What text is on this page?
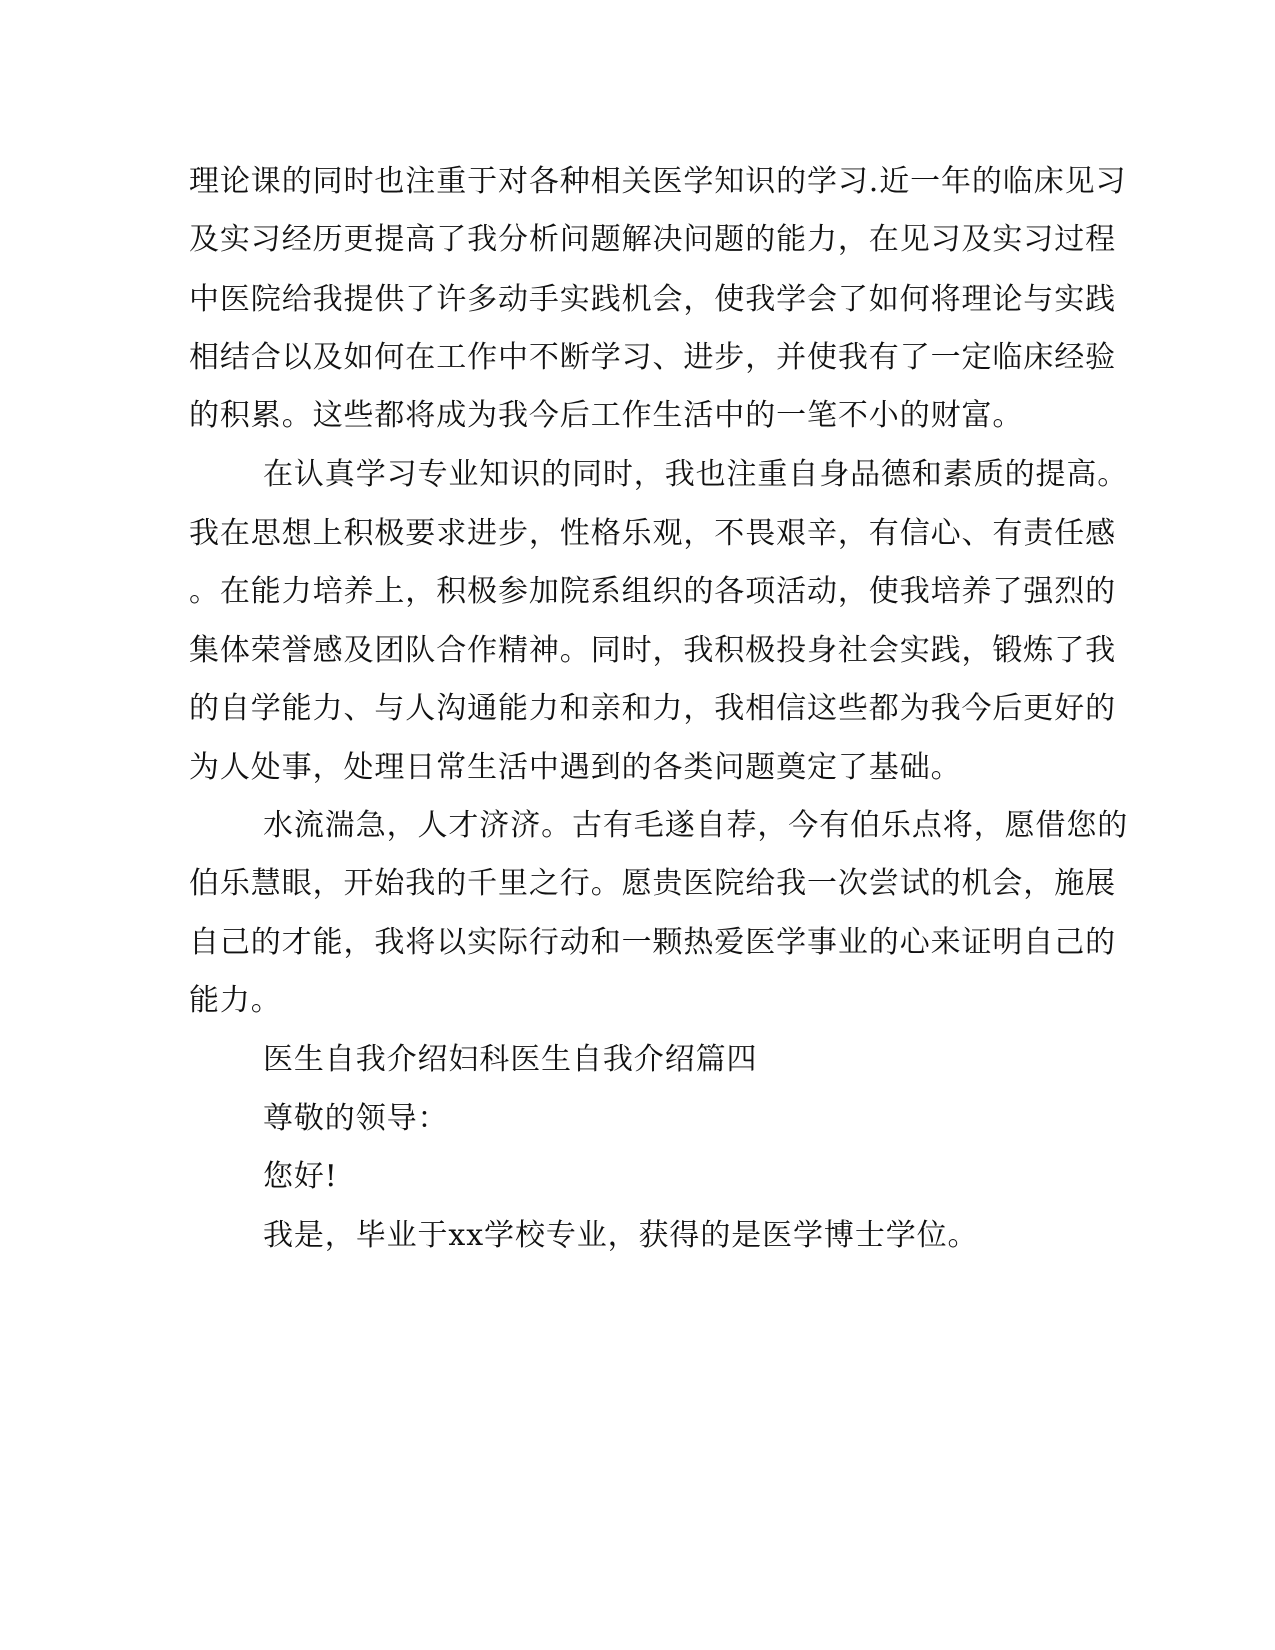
理论课的同时也注重于对各种相关医学知识的学习.近一年的临床见习

及实习经历更提高了我分析问题解决问题的能力，在见习及实习过程

中医院给我提供了许多动手实践机会，使我学会了如何将理论与实践

相结合以及如何在工作中不断学习、进步，并使我有了一定临床经验

的积累。这些都将成为我今后工作生活中的一笔不小的财富。

在认真学习专业知识的同时，我也注重自身品德和素质的提高。

我在思想上积极要求进步，性格乐观，不畏艰辛，有信心、有责任感

。在能力培养上，积极参加院系组织的各项活动，使我培养了强烈的

集体荣誉感及团队合作精神。同时，我积极投身社会实践，锻炼了我

的自学能力、与人沟通能力和亲和力，我相信这些都为我今后更好的

为人处事，处理日常生活中遇到的各类问题奠定了基础。

水流湍急，人才济济。古有毛遂自荐，今有伯乐点将，愿借您的

伯乐慧眼，开始我的千里之行。愿贵医院给我一次尝试的机会，施展

自己的才能，我将以实际行动和一颗热爱医学事业的心来证明自己的

能力。

医生自我介绍妇科医生自我介绍篇四

尊敬的领导：

您好!

我是，毕业于xx学校专业，获得的是医学博士学位。
